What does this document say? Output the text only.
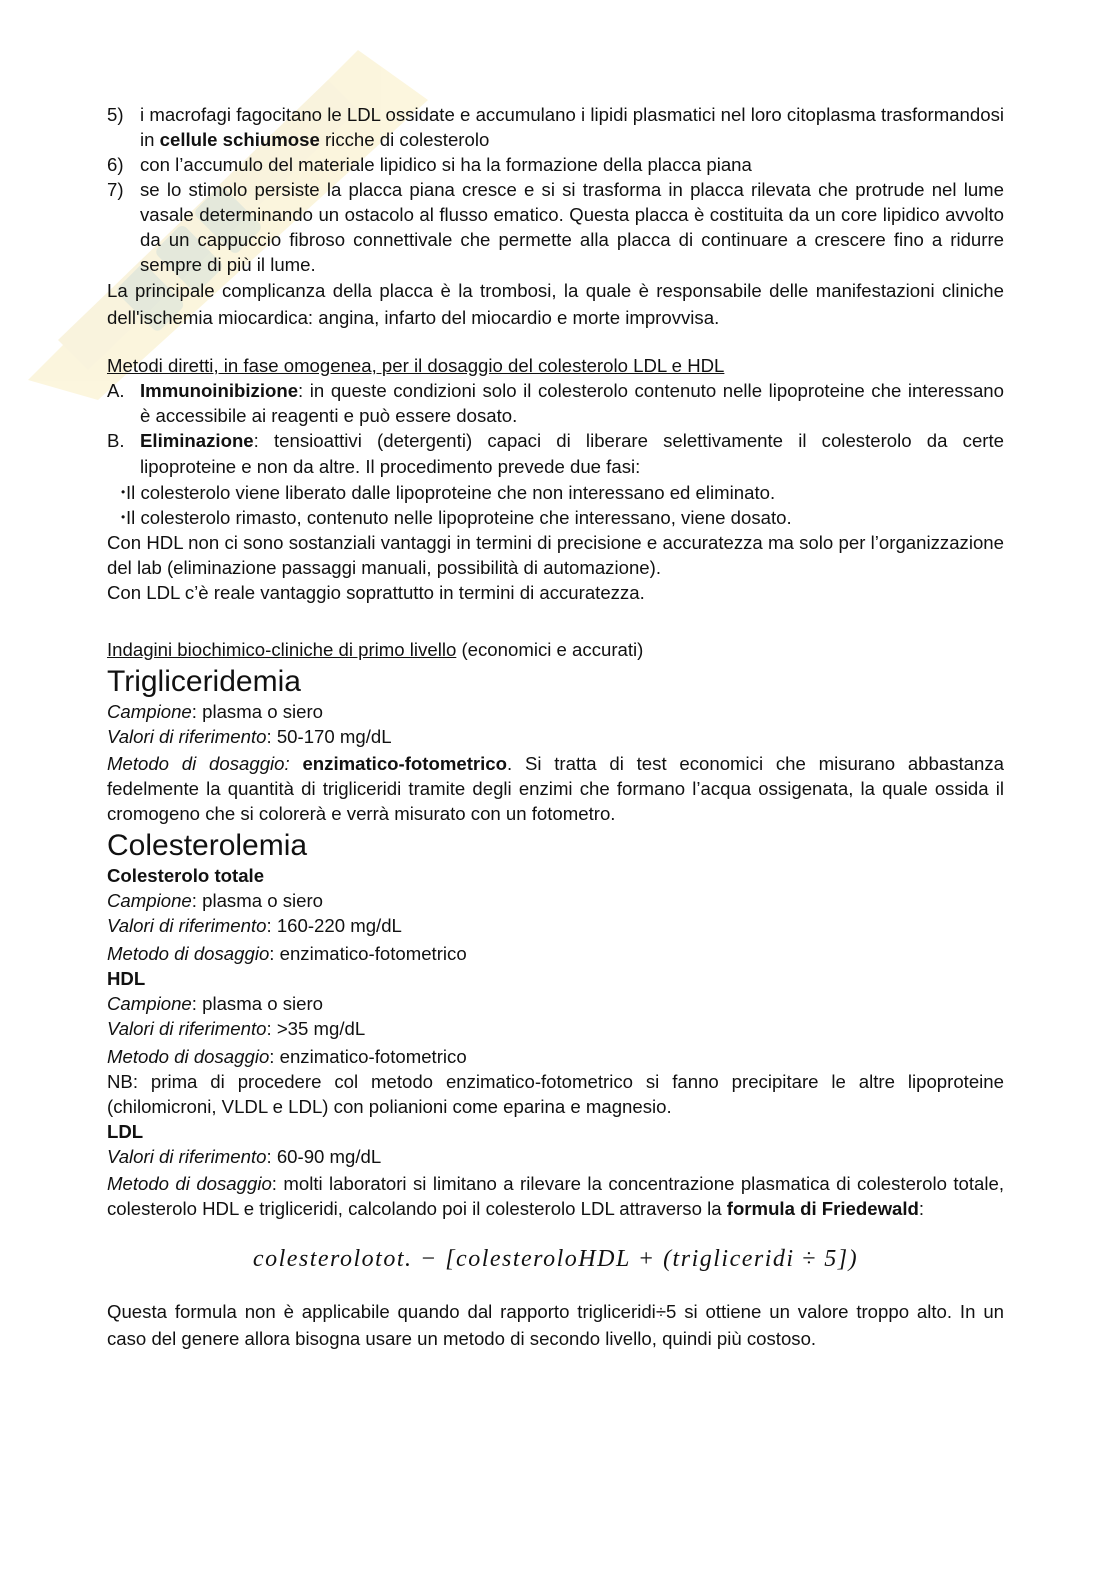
5) i macrofagi fagocitano le LDL ossidate e accumulano i lipidi plasmatici nel loro citoplasma trasformandosi in cellule schiumose ricche di colesterolo
6) con l’accumulo del materiale lipidico si ha la formazione della placca piana
7) se lo stimolo persiste la placca piana cresce e si si trasforma in placca rilevata che protrude nel lume vasale determinando un ostacolo al flusso ematico. Questa placca è costituita da un core lipidico avvolto da un cappuccio fibroso connettivale che permette alla placca di continuare a crescere fino a ridurre sempre di più il lume.

La principale complicanza della placca è la trombosi, la quale è responsabile delle manifestazioni cliniche dell'ischemia miocardica: angina, infarto del miocardio e morte improvvisa.

Metodi diretti, in fase omogenea, per il dosaggio del colesterolo LDL e HDL
A. Immunoinibizione: in queste condizioni solo il colesterolo contenuto nelle lipoproteine che interessano è accessibile ai reagenti e può essere dosato.
B. Eliminazione: tensioattivi (detergenti) capaci di liberare selettivamente il colesterolo da certe lipoproteine e non da altre. Il procedimento prevede due fasi:
• Il colesterolo viene liberato dalle lipoproteine che non interessano ed eliminato.
• Il colesterolo rimasto, contenuto nelle lipoproteine che interessano, viene dosato.

Con HDL non ci sono sostanziali vantaggi in termini di precisione e accuratezza ma solo per l’organizzazione del lab (eliminazione passaggi manuali, possibilità di automazione).

Con LDL c’è reale vantaggio soprattutto in termini di accuratezza.

Indagini biochimico-cliniche di primo livello (economici e accurati)
Trigliceridemia
Campione: plasma o siero
Valori di riferimento: 50-170 mg/dL

Metodo di dosaggio: enzimatico-fotometrico. Si tratta di test economici che misurano abbastanza fedelmente la quantità di trigliceridi tramite degli enzimi che formano l’acqua ossigenata, la quale ossida il cromogeno che si colorerà e verrà misurato con un fotometro.

Colesterolemia
Colesterolo totale
Campione: plasma o siero
Valori di riferimento: 160-220 mg/dL
Metodo di dosaggio: enzimatico-fotometrico
HDL
Campione: plasma o siero
Valori di riferimento: >35 mg/dL
Metodo di dosaggio: enzimatico-fotometrico

NB: prima di procedere col metodo enzimatico-fotometrico si fanno precipitare le altre lipoproteine (chilomicroni, VLDL e LDL) con polianioni come eparina e magnesio.

LDL
Valori di riferimento: 60-90 mg/dL

Metodo di dosaggio: molti laboratori si limitano a rilevare la concentrazione plasmatica di colesterolo totale, colesterolo HDL e trigliceridi, calcolando poi il colesterolo LDL attraverso la formula di Friedewald:

colesterolotot. − [colesteroloHDL + (trigliceridi ÷ 5])

Questa formula non è applicabile quando dal rapporto trigliceridi÷5 si ottiene un valore troppo alto. In un caso del genere allora bisogna usare un metodo di secondo livello, quindi più costoso.
